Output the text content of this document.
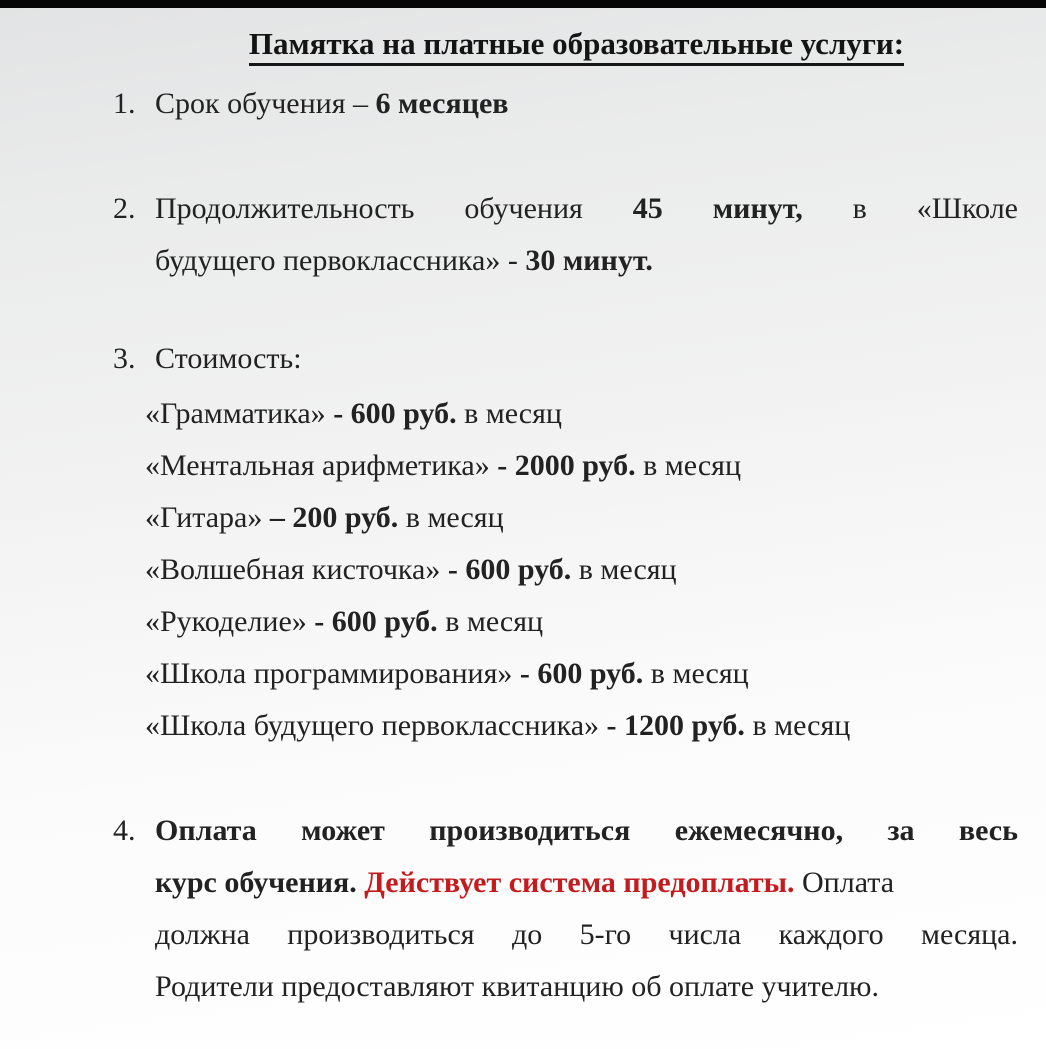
Памятка на платные образовательные услуги:
1. Срок обучения – 6 месяцев
2. Продолжительность обучения 45 минут, в «Школе
будущего первоклассника» - 30 минут.
3. Стоимость:
«Грамматика» - 600 руб. в месяц
«Ментальная арифметика» - 2000 руб. в месяц
«Гитара» – 200 руб. в месяц
«Волшебная кисточка» - 600 руб. в месяц
«Рукоделие» - 600 руб. в месяц
«Школа программирования» - 600 руб. в месяц
«Школа будущего первоклассника» - 1200 руб. в месяц
4. Оплата может производиться ежемесячно, за весь
курс обучения. Действует система предоплаты. Оплата
должна производиться до 5-го числа каждого месяца.
Родители предоставляют квитанцию об оплате учителю.
